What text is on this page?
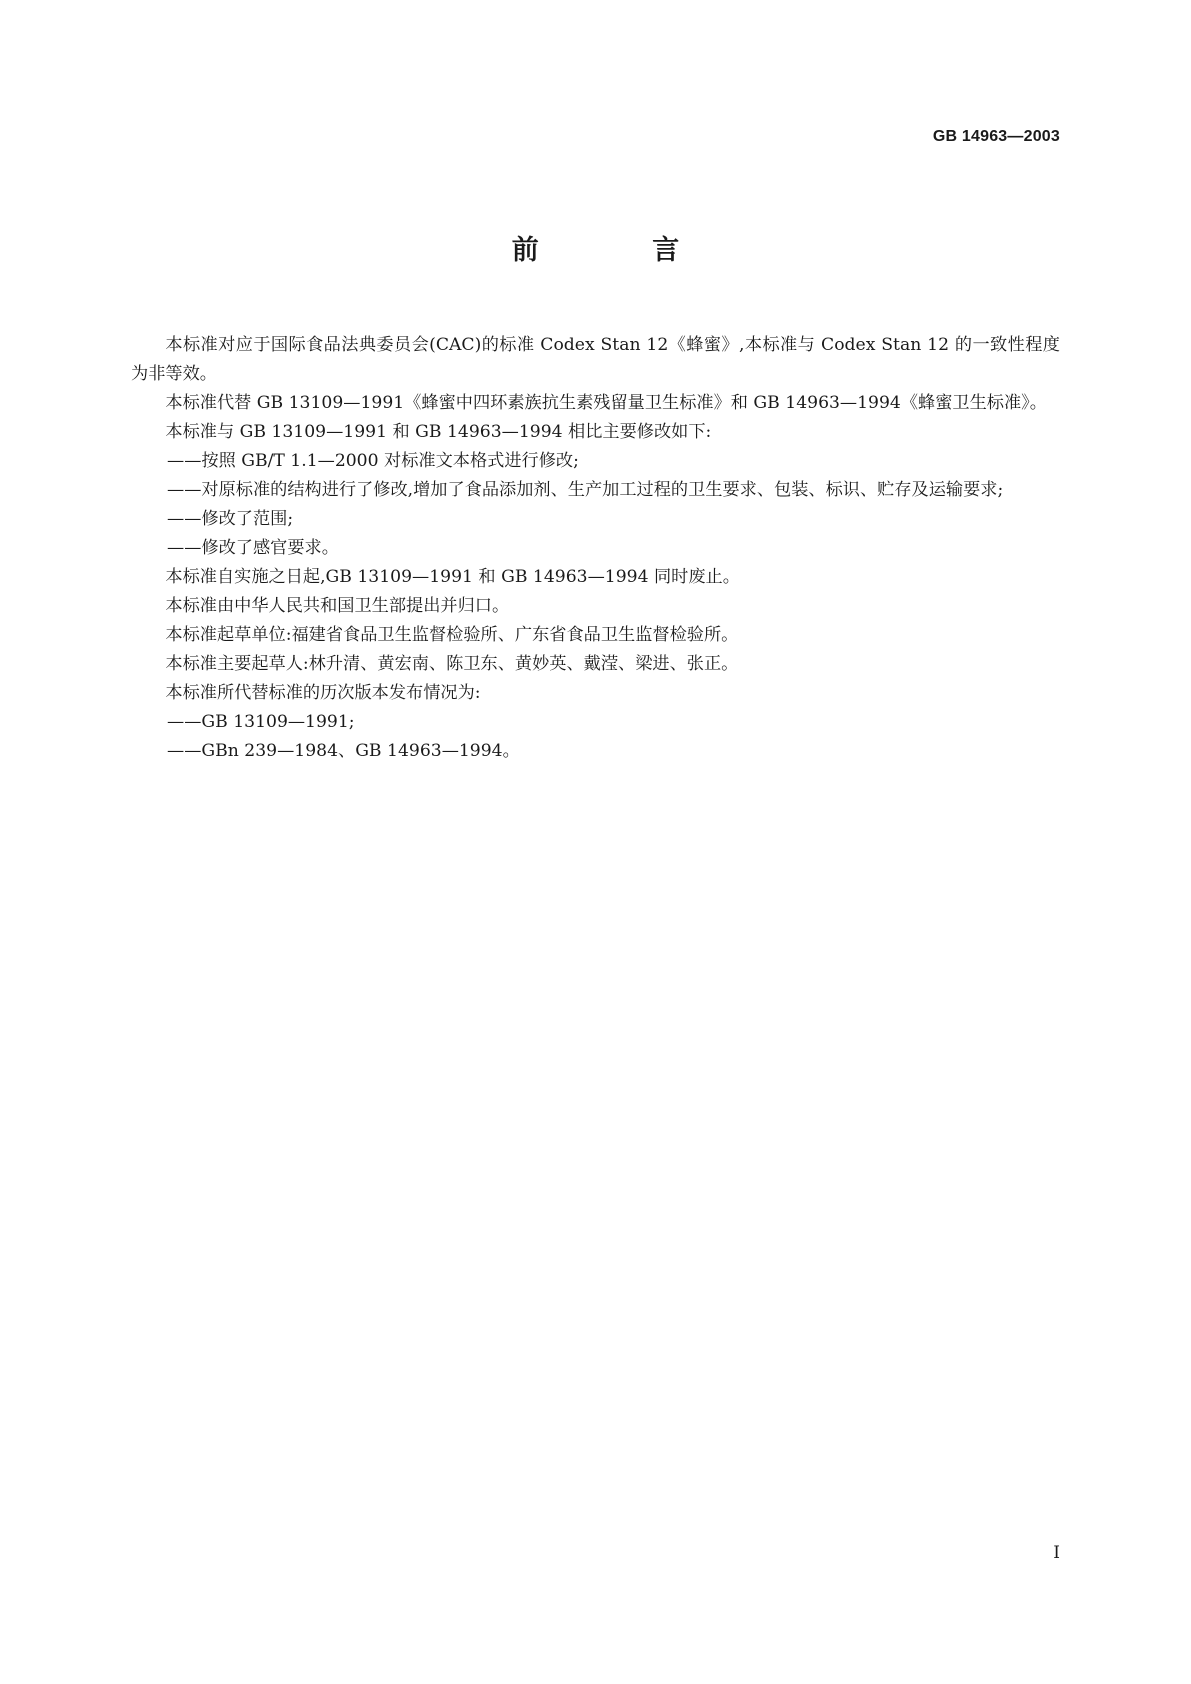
GB 14963—2003
前 言

本标准对应于国际食品法典委员会(CAC)的标准 Codex Stan 12《蜂蜜》,本标准与 Codex Stan 12 的一致性程度为非等效。

本标准代替 GB 13109—1991《蜂蜜中四环素族抗生素残留量卫生标准》和 GB 14963—1994《蜂蜜卫生标准》。

本标准与 GB 13109—1991 和 GB 14963—1994 相比主要修改如下:

——按照 GB/T 1.1—2000 对标准文本格式进行修改;

——对原标准的结构进行了修改,增加了食品添加剂、生产加工过程的卫生要求、包装、标识、贮存及运输要求;

——修改了范围;

——修改了感官要求。

本标准自实施之日起,GB 13109—1991 和 GB 14963—1994 同时废止。

本标准由中华人民共和国卫生部提出并归口。

本标准起草单位:福建省食品卫生监督检验所、广东省食品卫生监督检验所。

本标准主要起草人:林升清、黄宏南、陈卫东、黄妙英、戴滢、梁进、张正。

本标准所代替标准的历次版本发布情况为:

——GB 13109—1991;

——GBn 239—1984、GB 14963—1994。

I
